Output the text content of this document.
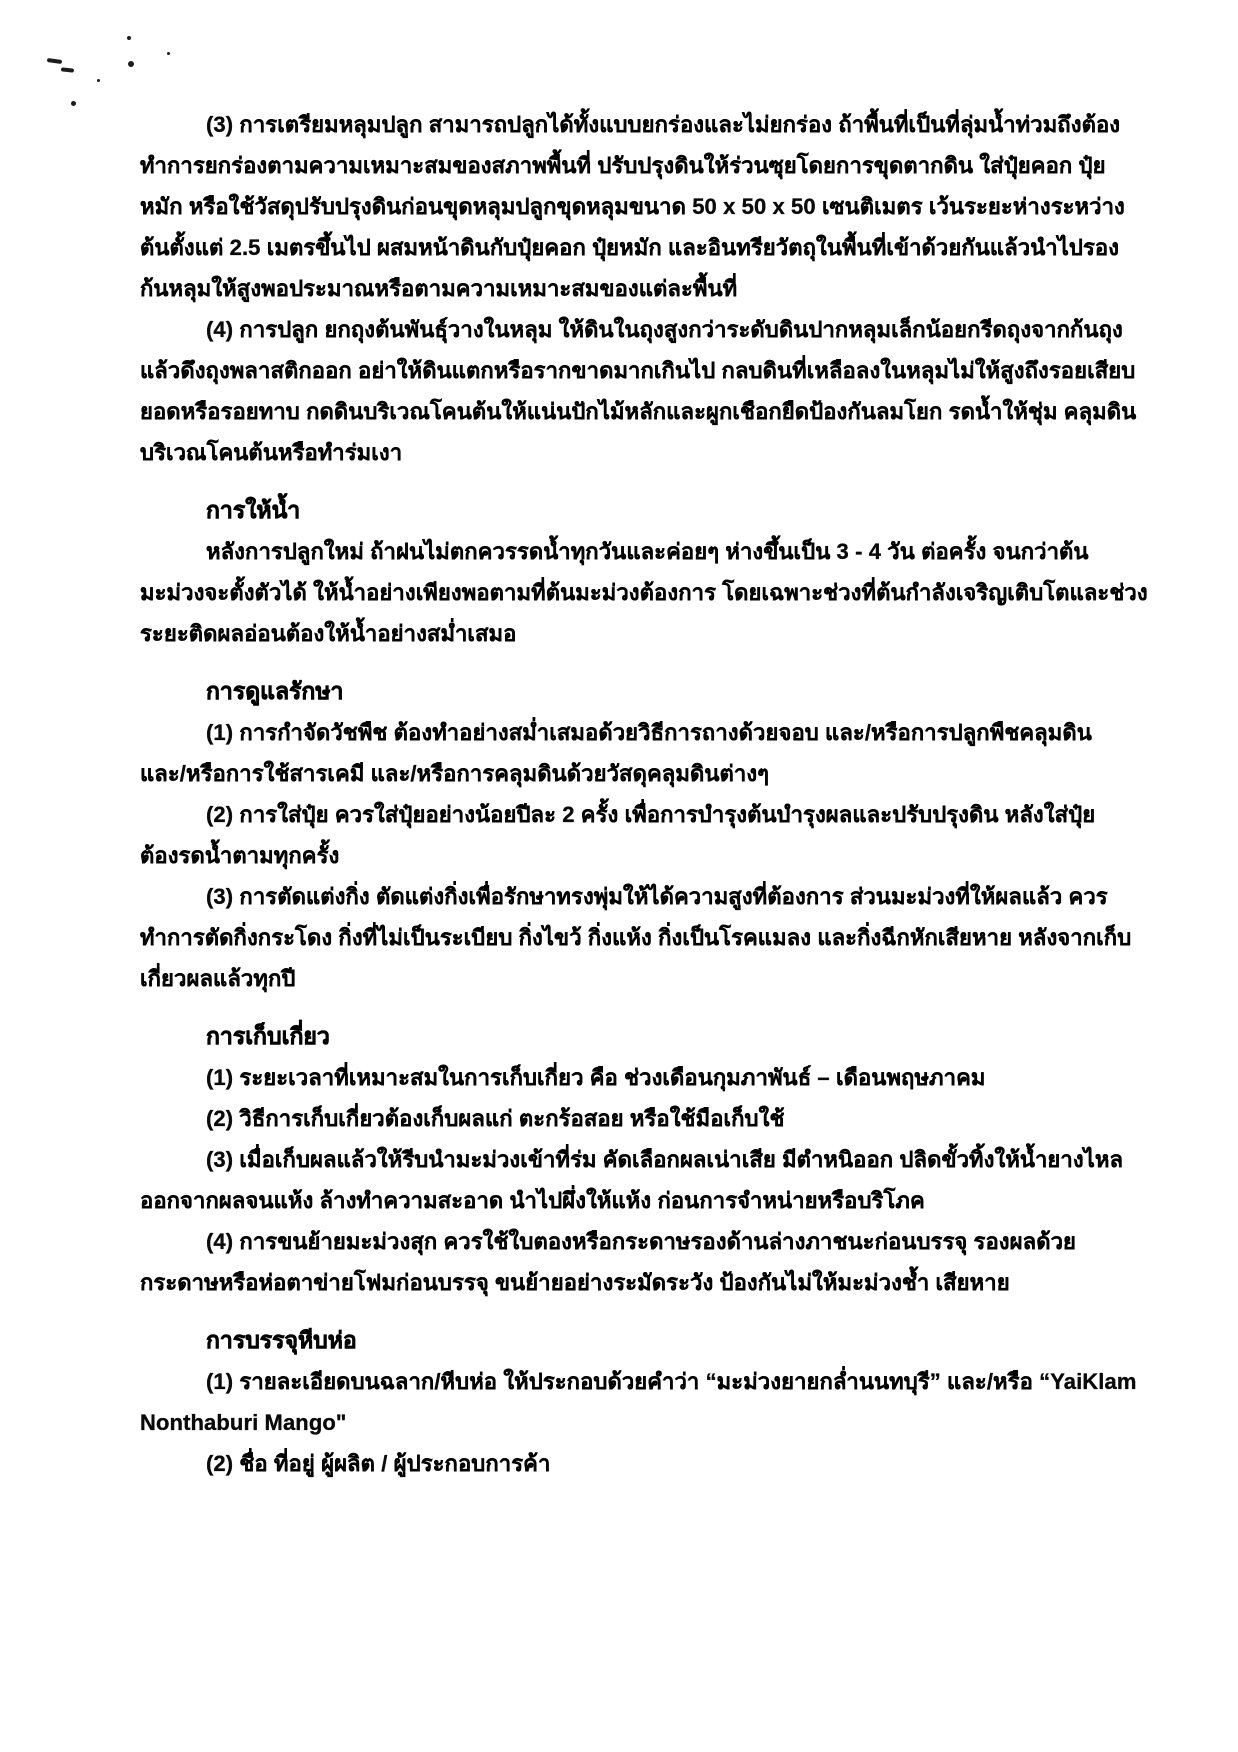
(3) การเตรียมหลุมปลูก สามารถปลูกได้ทั้งแบบยกร่องและไม่ยกร่อง ถ้าพื้นที่เป็นที่ลุ่มน้ำท่วมถึงต้อง
ทำการยกร่องตามความเหมาะสมของสภาพพื้นที่ ปรับปรุงดินให้ร่วนซุยโดยการขุดตากดิน ใส่ปุ๋ยคอก ปุ๋ย
หมัก หรือใช้วัสดุปรับปรุงดินก่อนขุดหลุมปลูกขุดหลุมขนาด 50 x 50 x 50 เซนติเมตร เว้นระยะห่างระหว่าง
ต้นตั้งแต่ 2.5 เมตรขึ้นไป ผสมหน้าดินกับปุ๋ยคอก ปุ๋ยหมัก และอินทรียวัตถุในพื้นที่เข้าด้วยกันแล้วนำไปรอง
ก้นหลุมให้สูงพอประมาณหรือตามความเหมาะสมของแต่ละพื้นที่
(4) การปลูก ยกถุงต้นพันธุ์วางในหลุม ให้ดินในถุงสูงกว่าระดับดินปากหลุมเล็กน้อยกรีดถุงจากก้นถุง
แล้วดึงถุงพลาสติกออก อย่าให้ดินแตกหรือรากขาดมากเกินไป กลบดินที่เหลือลงในหลุมไม่ให้สูงถึงรอยเสียบ
ยอดหรือรอยทาบ กดดินบริเวณโคนต้นให้แน่นปักไม้หลักและผูกเชือกยืดป้องกันลมโยก รดน้ำให้ชุ่ม คลุมดิน
บริเวณโคนต้นหรือทำร่มเงา
การให้น้ำ
หลังการปลูกใหม่ ถ้าฝนไม่ตกควรรดน้ำทุกวันและค่อยๆ ห่างขึ้นเป็น 3 - 4 วัน ต่อครั้ง จนกว่าต้น
มะม่วงจะตั้งตัวได้ ให้น้ำอย่างเพียงพอตามที่ต้นมะม่วงต้องการ โดยเฉพาะช่วงที่ต้นกำลังเจริญเติบโตและช่วง
ระยะติดผลอ่อนต้องให้น้ำอย่างสม่ำเสมอ
การดูแลรักษา
(1) การกำจัดวัชพืช ต้องทำอย่างสม่ำเสมอด้วยวิธีการถางด้วยจอบ และ/หรือการปลูกพืชคลุมดิน
และ/หรือการใช้สารเคมี และ/หรือการคลุมดินด้วยวัสดุคลุมดินต่างๆ
(2) การใส่ปุ๋ย ควรใส่ปุ๋ยอย่างน้อยปีละ 2 ครั้ง เพื่อการบำรุงต้นบำรุงผลและปรับปรุงดิน หลังใส่ปุ๋ย
ต้องรดน้ำตามทุกครั้ง
(3) การตัดแต่งกิ่ง ตัดแต่งกิ่งเพื่อรักษาทรงพุ่มให้ได้ความสูงที่ต้องการ ส่วนมะม่วงที่ให้ผลแล้ว ควร
ทำการตัดกิ่งกระโดง กิ่งที่ไม่เป็นระเบียบ กิ่งไขว้ กิ่งแห้ง กิ่งเป็นโรคแมลง และกิ่งฉีกหักเสียหาย หลังจากเก็บ
เกี่ยวผลแล้วทุกปี
การเก็บเกี่ยว
(1) ระยะเวลาที่เหมาะสมในการเก็บเกี่ยว คือ ช่วงเดือนกุมภาพันธ์ – เดือนพฤษภาคม
(2) วิธีการเก็บเกี่ยวต้องเก็บผลแก่ ตะกร้อสอย หรือใช้มือเก็บใช้
(3) เมื่อเก็บผลแล้วให้รีบนำมะม่วงเข้าที่ร่ม คัดเลือกผลเน่าเสีย มีตำหนิออก ปลิดขั้วทิ้งให้น้ำยางไหล
ออกจากผลจนแห้ง ล้างทำความสะอาด นำไปผึ่งให้แห้ง ก่อนการจำหน่ายหรือบริโภค
(4) การขนย้ายมะม่วงสุก ควรใช้ใบตองหรือกระดาษรองด้านล่างภาชนะก่อนบรรจุ รองผลด้วย
กระดาษหรือห่อตาข่ายโฟมก่อนบรรจุ ขนย้ายอย่างระมัดระวัง ป้องกันไม่ให้มะม่วงช้ำ เสียหาย
การบรรจุหีบห่อ
(1) รายละเอียดบนฉลาก/หีบห่อ ให้ประกอบด้วยคำว่า “มะม่วงยายกล่ำนนทบุรี” และ/หรือ “YaiKlam
Nonthaburi Mango"
(2) ชื่อ ที่อยู่ ผู้ผลิต / ผู้ประกอบการค้า
